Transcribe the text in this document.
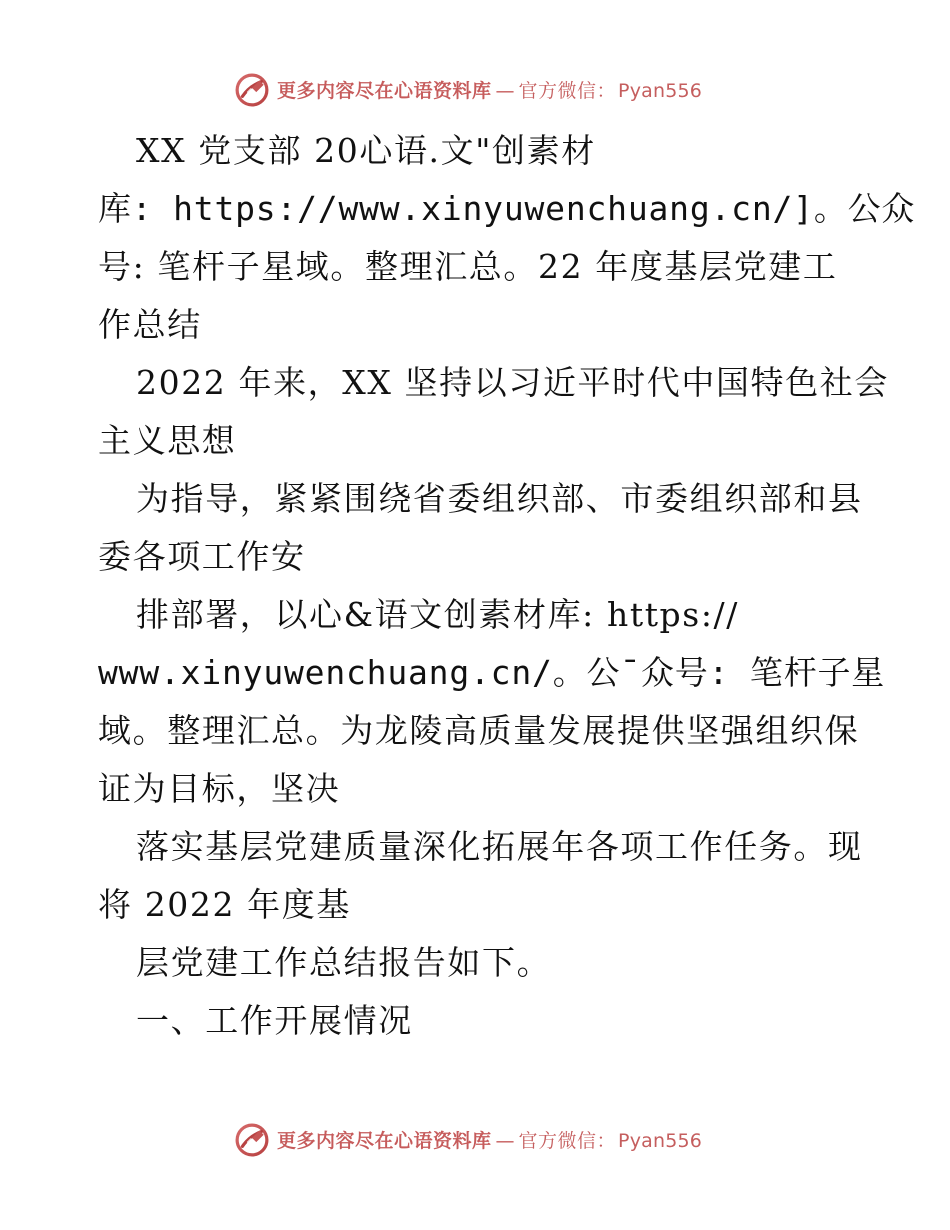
更多内容尽在心语资料库 — 官方微信： Pyan556
XX 党支部 20心语.文"创素材
库: https://www.xinyuwenchuang.cn/]。公众
号: 笔杆子星域。整理汇总。22 年度基层党建工
作总结
2022 年来，XX 坚持以习近平时代中国特色社会
主义思想
为指导，紧紧围绕省委组织部、市委组织部和县
委各项工作安
排部署，以心&语文创素材库: https://
www.xinyuwenchuang.cn/。公¯众号: 笔杆子星
域。整理汇总。为龙陵高质量发展提供坚强组织保
证为目标，坚决
落实基层党建质量深化拓展年各项工作任务。现
将 2022 年度基
层党建工作总结报告如下。
一、工作开展情况
更多内容尽在心语资料库 — 官方微信： Pyan556
